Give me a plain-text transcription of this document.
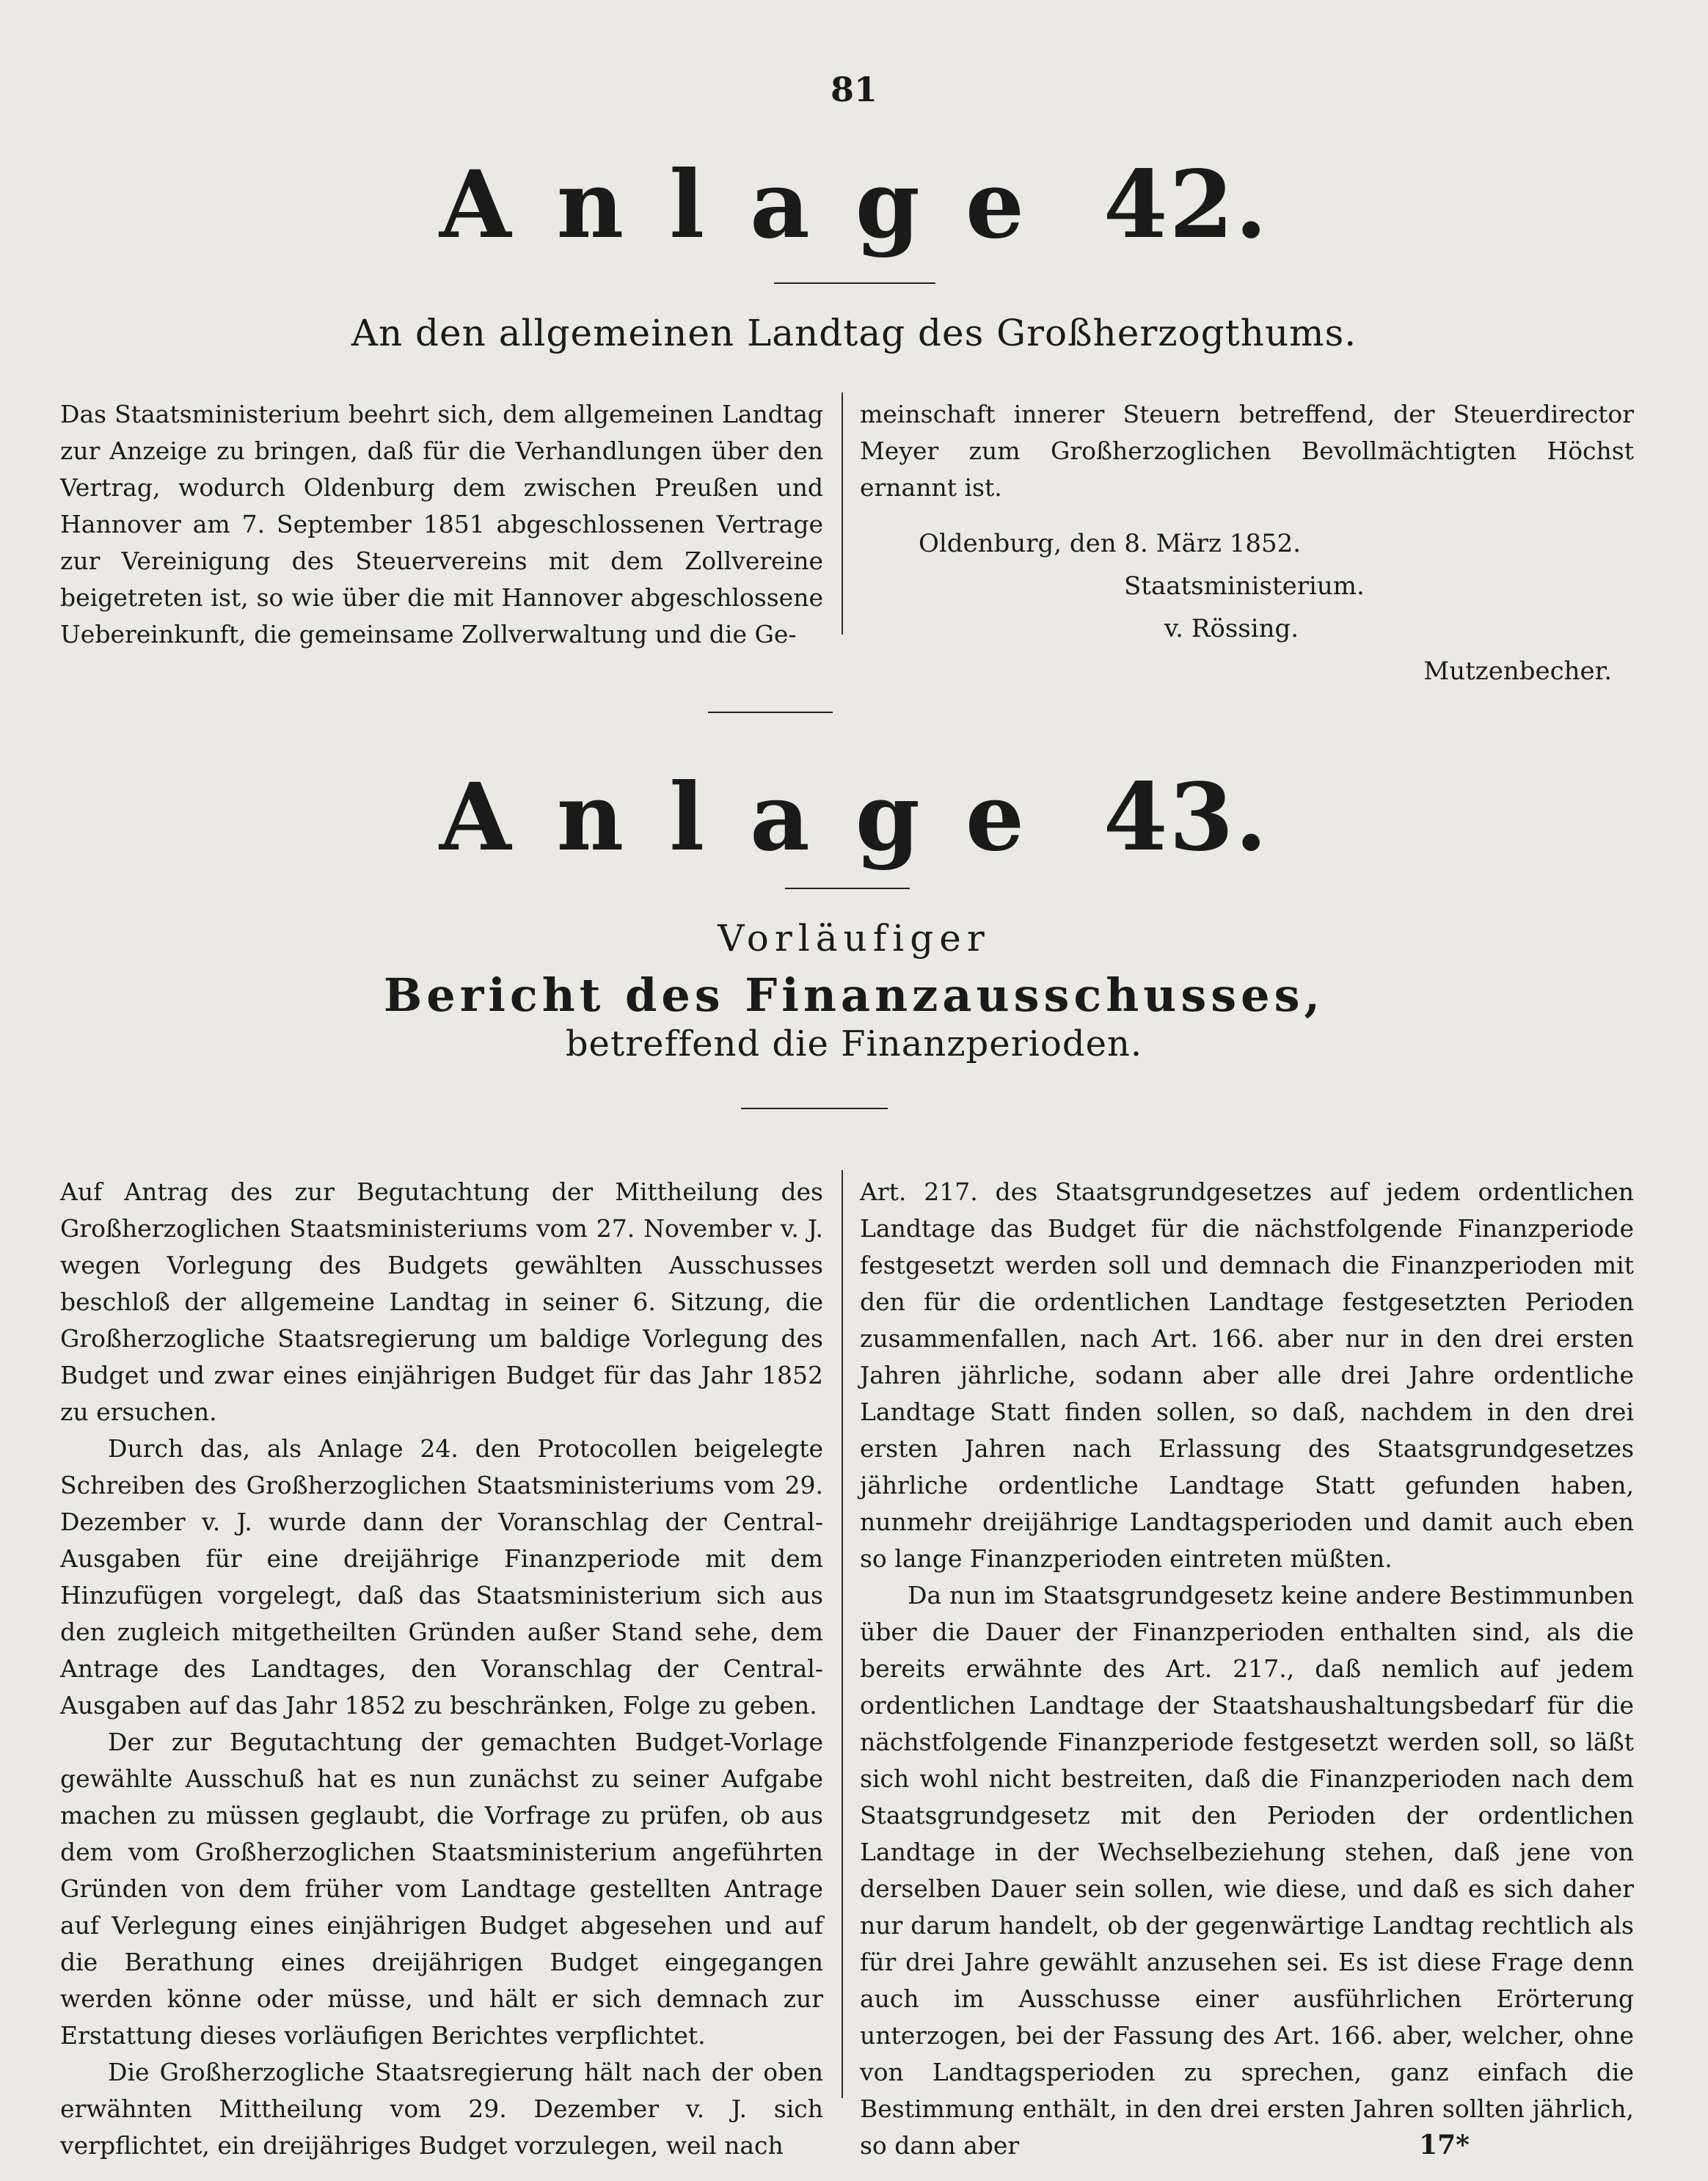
81
Anlage 42.
An den allgemeinen Landtag des Großherzogthums.

Das Staatsministerium beehrt sich, dem allgemeinen Landtag zur Anzeige zu bringen, daß für die Verhandlungen über den Vertrag, wodurch Oldenburg dem zwischen Preußen und Hannover am 7. September 1851 abgeschlossenen Vertrage zur Vereinigung des Steuervereins mit dem Zollvereine beigetreten ist, so wie über die mit Hannover abgeschlossene Uebereinkunft, die gemeinsame Zollverwaltung und die Ge-

meinschaft innerer Steuern betreffend, der Steuerdirector Meyer zum Großherzoglichen Bevollmächtigten Höchst ernannt ist.

Oldenburg, den 8. März 1852.
Staatsministerium.
v. Rössing.
Mutzenbecher.
Anlage 43.
Vorläufiger
Bericht des Finanzausschusses,
betreffend die Finanzperioden.

Auf Antrag des zur Begutachtung der Mittheilung des Großherzoglichen Staatsministeriums vom 27. November v. J. wegen Vorlegung des Budgets gewählten Ausschusses beschloß der allgemeine Landtag in seiner 6. Sitzung, die Großherzogliche Staatsregierung um baldige Vorlegung des Budget und zwar eines einjährigen Budget für das Jahr 1852 zu ersuchen.

Durch das, als Anlage 24. den Protocollen beigelegte Schreiben des Großherzoglichen Staatsministeriums vom 29. Dezember v. J. wurde dann der Voranschlag der Central-Ausgaben für eine dreijährige Finanzperiode mit dem Hinzufügen vorgelegt, daß das Staatsministerium sich aus den zugleich mitgetheilten Gründen außer Stand sehe, dem Antrage des Landtages, den Voranschlag der Central-Ausgaben auf das Jahr 1852 zu beschränken, Folge zu geben.

Der zur Begutachtung der gemachten Budget-Vorlage gewählte Ausschuß hat es nun zunächst zu seiner Aufgabe machen zu müssen geglaubt, die Vorfrage zu prüfen, ob aus dem vom Großherzoglichen Staatsministerium angeführten Gründen von dem früher vom Landtage gestellten Antrage auf Verlegung eines einjährigen Budget abgesehen und auf die Berathung eines dreijährigen Budget eingegangen werden könne oder müsse, und hält er sich demnach zur Erstattung dieses vorläufigen Berichtes verpflichtet.

Die Großherzogliche Staatsregierung hält nach der oben erwähnten Mittheilung vom 29. Dezember v. J. sich verpflichtet, ein dreijähriges Budget vorzulegen, weil nach

Art. 217. des Staatsgrundgesetzes auf jedem ordentlichen Landtage das Budget für die nächstfolgende Finanzperiode festgesetzt werden soll und demnach die Finanzperioden mit den für die ordentlichen Landtage festgesetzten Perioden zusammenfallen, nach Art. 166. aber nur in den drei ersten Jahren jährliche, sodann aber alle drei Jahre ordentliche Landtage Statt finden sollen, so daß, nachdem in den drei ersten Jahren nach Erlassung des Staatsgrundgesetzes jährliche ordentliche Landtage Statt gefunden haben, nunmehr dreijährige Landtagsperioden und damit auch eben so lange Finanzperioden eintreten müßten.

Da nun im Staatsgrundgesetz keine andere Bestimmunben über die Dauer der Finanzperioden enthalten sind, als die bereits erwähnte des Art. 217., daß nemlich auf jedem ordentlichen Landtage der Staatshaushaltungsbedarf für die nächstfolgende Finanzperiode festgesetzt werden soll, so läßt sich wohl nicht bestreiten, daß die Finanzperioden nach dem Staatsgrundgesetz mit den Perioden der ordentlichen Landtage in der Wechselbeziehung stehen, daß jene von derselben Dauer sein sollen, wie diese, und daß es sich daher nur darum handelt, ob der gegenwärtige Landtag rechtlich als für drei Jahre gewählt anzusehen sei. Es ist diese Frage denn auch im Ausschusse einer ausführlichen Erörterung unterzogen, bei der Fassung des Art. 166. aber, welcher, ohne von Landtagsperioden zu sprechen, ganz einfach die Bestimmung enthält, in den drei ersten Jahren sollten jährlich, so dann aber	17*
